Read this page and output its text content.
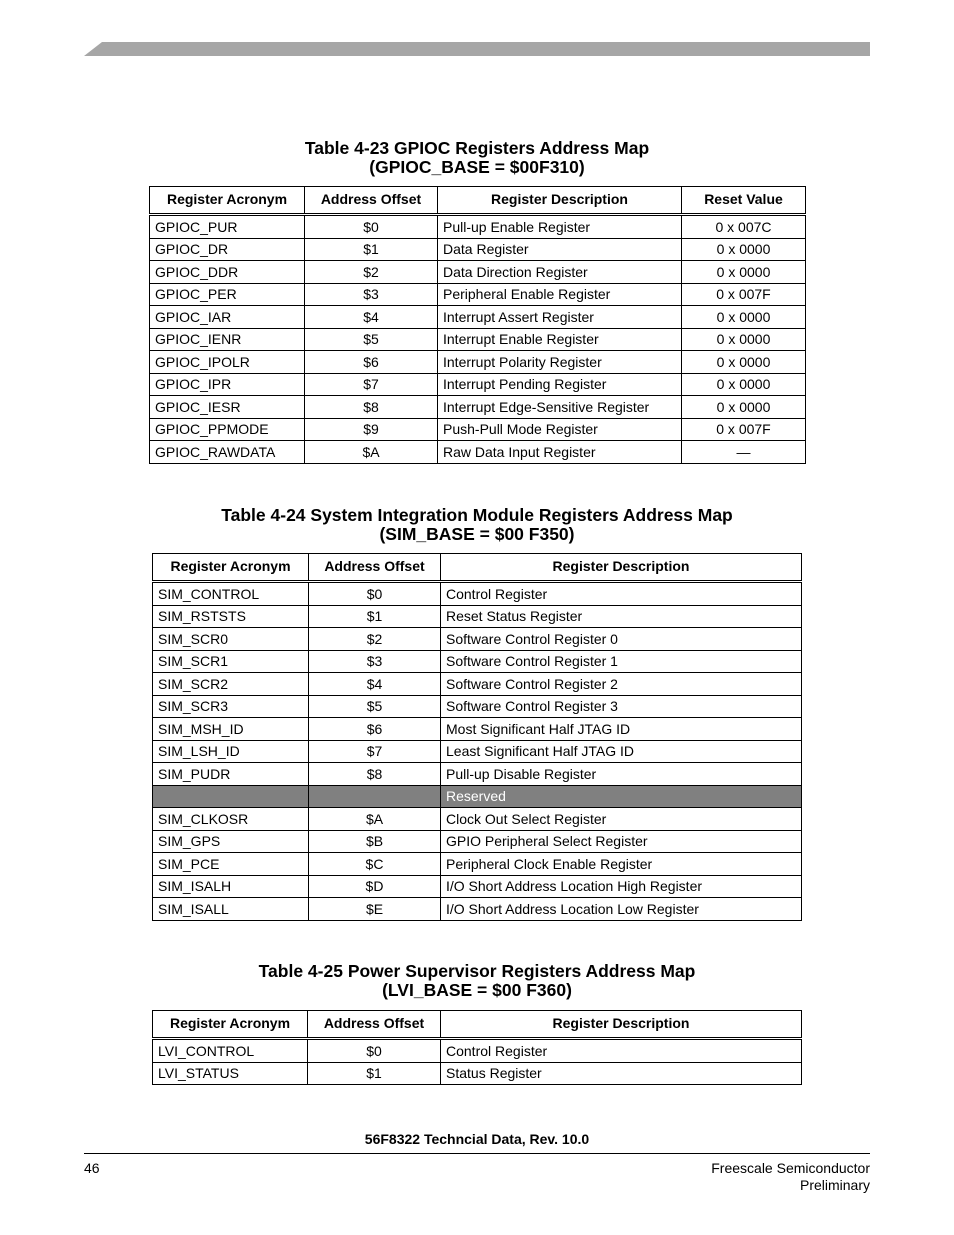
Table 4-23 GPIOC Registers Address Map
(GPIOC_BASE = $00F310)
Register Acronym	Address Offset	Register Description	Reset Value
GPIOC_PUR	$0	Pull-up Enable Register	0 x 007C
GPIOC_DR	$1	Data Register	0 x 0000
GPIOC_DDR	$2	Data Direction Register	0 x 0000
GPIOC_PER	$3	Peripheral Enable Register	0 x 007F
GPIOC_IAR	$4	Interrupt Assert Register	0 x 0000
GPIOC_IENR	$5	Interrupt Enable Register	0 x 0000
GPIOC_IPOLR	$6	Interrupt Polarity Register	0 x 0000
GPIOC_IPR	$7	Interrupt Pending Register	0 x 0000
GPIOC_IESR	$8	Interrupt Edge-Sensitive Register	0 x 0000
GPIOC_PPMODE	$9	Push-Pull Mode Register	0 x 007F
GPIOC_RAWDATA	$A	Raw Data Input Register	—
Table 4-24 System Integration Module Registers Address Map
(SIM_BASE = $00 F350)
Register Acronym	Address Offset	Register Description
SIM_CONTROL	$0	Control Register
SIM_RSTSTS	$1	Reset Status Register
SIM_SCR0	$2	Software Control Register 0
SIM_SCR1	$3	Software Control Register 1
SIM_SCR2	$4	Software Control Register 2
SIM_SCR3	$5	Software Control Register 3
SIM_MSH_ID	$6	Most Significant Half JTAG ID
SIM_LSH_ID	$7	Least Significant Half JTAG ID
SIM_PUDR	$8	Pull-up Disable Register
		Reserved
SIM_CLKOSR	$A	Clock Out Select Register
SIM_GPS	$B	GPIO Peripheral Select Register
SIM_PCE	$C	Peripheral Clock Enable Register
SIM_ISALH	$D	I/O Short Address Location High Register
SIM_ISALL	$E	I/O Short Address Location Low Register
Table 4-25 Power Supervisor Registers Address Map
(LVI_BASE = $00 F360)
Register Acronym	Address Offset	Register Description
LVI_CONTROL	$0	Control Register
LVI_STATUS	$1	Status Register
56F8322 Techncial Data, Rev. 10.0
46	Freescale Semiconductor
Preliminary
